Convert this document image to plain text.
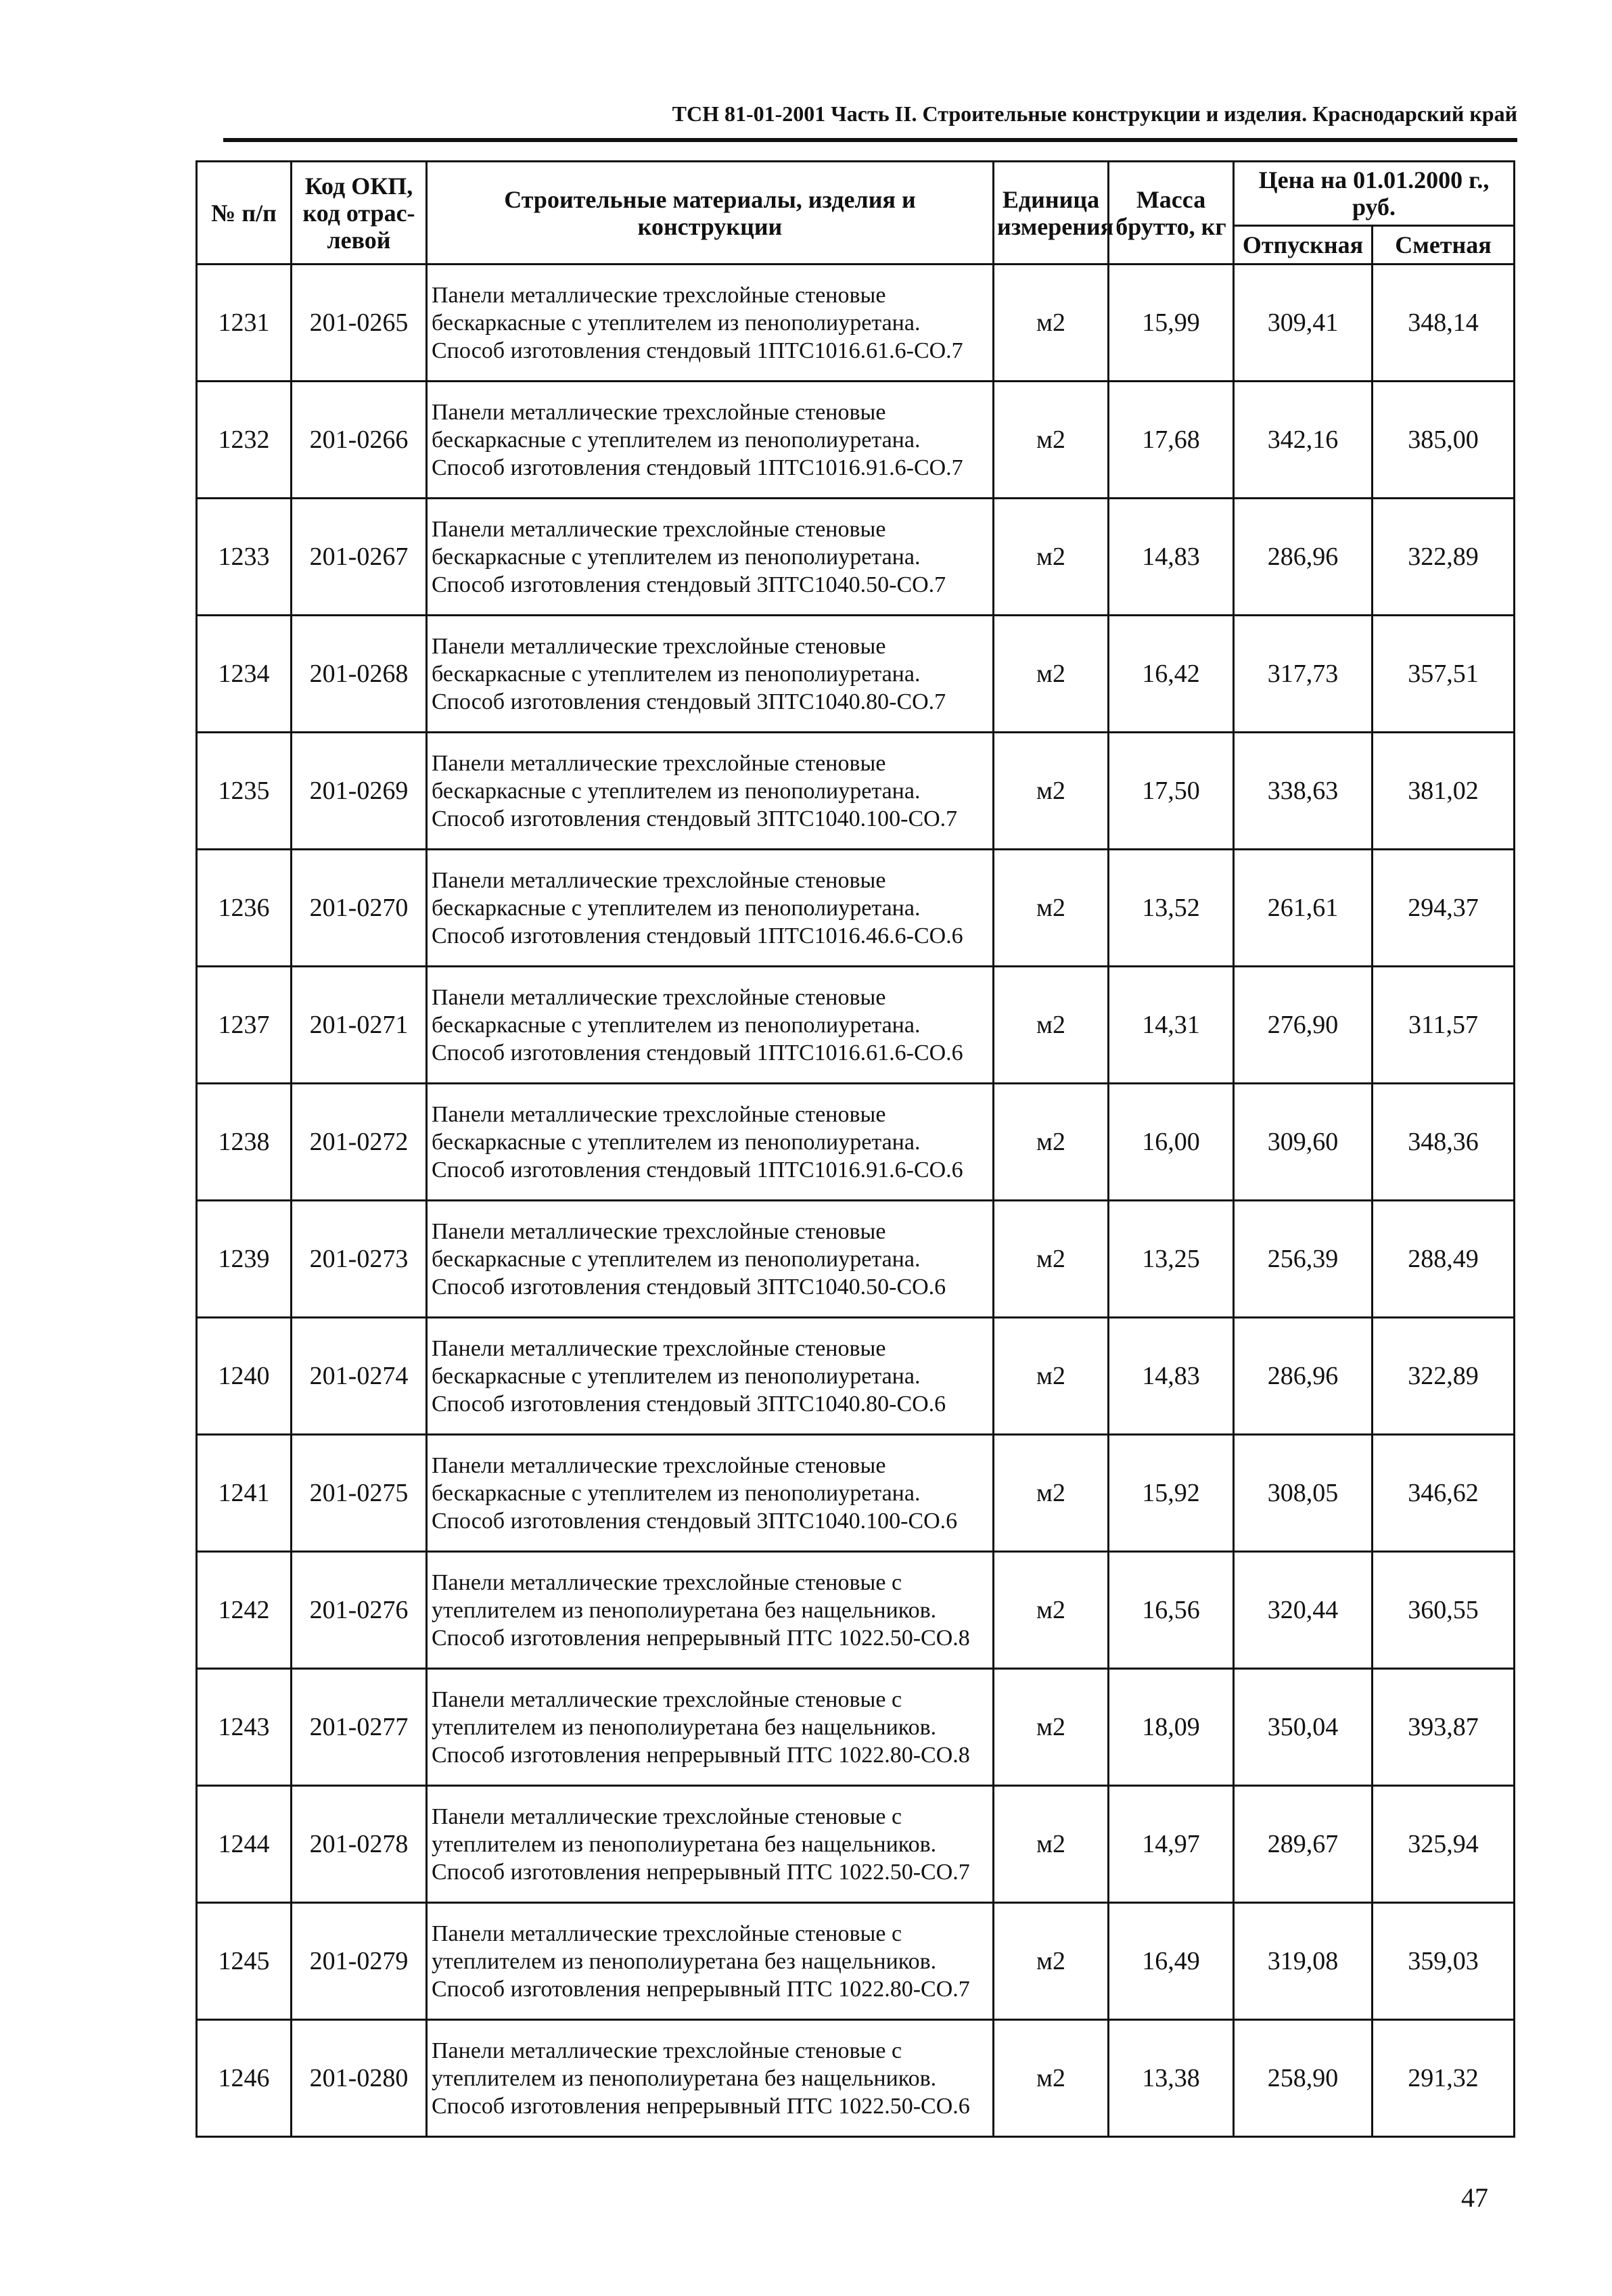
ТСН 81-01-2001 Часть II. Строительные конструкции и изделия. Краснодарский край
№ п/п	Код ОКП, код отрас-левой	Строительные материалы, изделия и конструкции	Единица измерения	Масса брутто, кг	Цена на 01.01.2000 г., руб.	
					Отпускная	Сметная
1231	201-0265	Панели металлические трехслойные стеновые бескаркасные с утеплителем из пенополиуретана. Способ изготовления стендовый 1ПТС1016.61.6-СО.7	м2	15,99	309,41	348,14
1232	201-0266	Панели металлические трехслойные стеновые бескаркасные с утеплителем из пенополиуретана. Способ изготовления стендовый 1ПТС1016.91.6-СО.7	м2	17,68	342,16	385,00
1233	201-0267	Панели металлические трехслойные стеновые бескаркасные с утеплителем из пенополиуретана. Способ изготовления стендовый 3ПТС1040.50-СО.7	м2	14,83	286,96	322,89
1234	201-0268	Панели металлические трехслойные стеновые бескаркасные с утеплителем из пенополиуретана. Способ изготовления стендовый 3ПТС1040.80-СО.7	м2	16,42	317,73	357,51
1235	201-0269	Панели металлические трехслойные стеновые бескаркасные с утеплителем из пенополиуретана. Способ изготовления стендовый 3ПТС1040.100-СО.7	м2	17,50	338,63	381,02
1236	201-0270	Панели металлические трехслойные стеновые бескаркасные с утеплителем из пенополиуретана. Способ изготовления стендовый 1ПТС1016.46.6-СО.6	м2	13,52	261,61	294,37
1237	201-0271	Панели металлические трехслойные стеновые бескаркасные с утеплителем из пенополиуретана. Способ изготовления стендовый 1ПТС1016.61.6-СО.6	м2	14,31	276,90	311,57
1238	201-0272	Панели металлические трехслойные стеновые бескаркасные с утеплителем из пенополиуретана. Способ изготовления стендовый 1ПТС1016.91.6-СО.6	м2	16,00	309,60	348,36
1239	201-0273	Панели металлические трехслойные стеновые бескаркасные с утеплителем из пенополиуретана. Способ изготовления стендовый 3ПТС1040.50-СО.6	м2	13,25	256,39	288,49
1240	201-0274	Панели металлические трехслойные стеновые бескаркасные с утеплителем из пенополиуретана. Способ изготовления стендовый 3ПТС1040.80-СО.6	м2	14,83	286,96	322,89
1241	201-0275	Панели металлические трехслойные стеновые бескаркасные с утеплителем из пенополиуретана. Способ изготовления стендовый 3ПТС1040.100-СО.6	м2	15,92	308,05	346,62
1242	201-0276	Панели металлические трехслойные стеновые с утеплителем из пенополиуретана без нащельников. Способ изготовления непрерывный ПТС 1022.50-СО.8	м2	16,56	320,44	360,55
1243	201-0277	Панели металлические трехслойные стеновые с утеплителем из пенополиуретана без нащельников. Способ изготовления непрерывный ПТС 1022.80-СО.8	м2	18,09	350,04	393,87
1244	201-0278	Панели металлические трехслойные стеновые с утеплителем из пенополиуретана без нащельников. Способ изготовления непрерывный ПТС 1022.50-СО.7	м2	14,97	289,67	325,94
1245	201-0279	Панели металлические трехслойные стеновые с утеплителем из пенополиуретана без нащельников. Способ изготовления непрерывный ПТС 1022.80-СО.7	м2	16,49	319,08	359,03
1246	201-0280	Панели металлические трехслойные стеновые с утеплителем из пенополиуретана без нащельников. Способ изготовления непрерывный ПТС 1022.50-СО.6	м2	13,38	258,90	291,32
47
